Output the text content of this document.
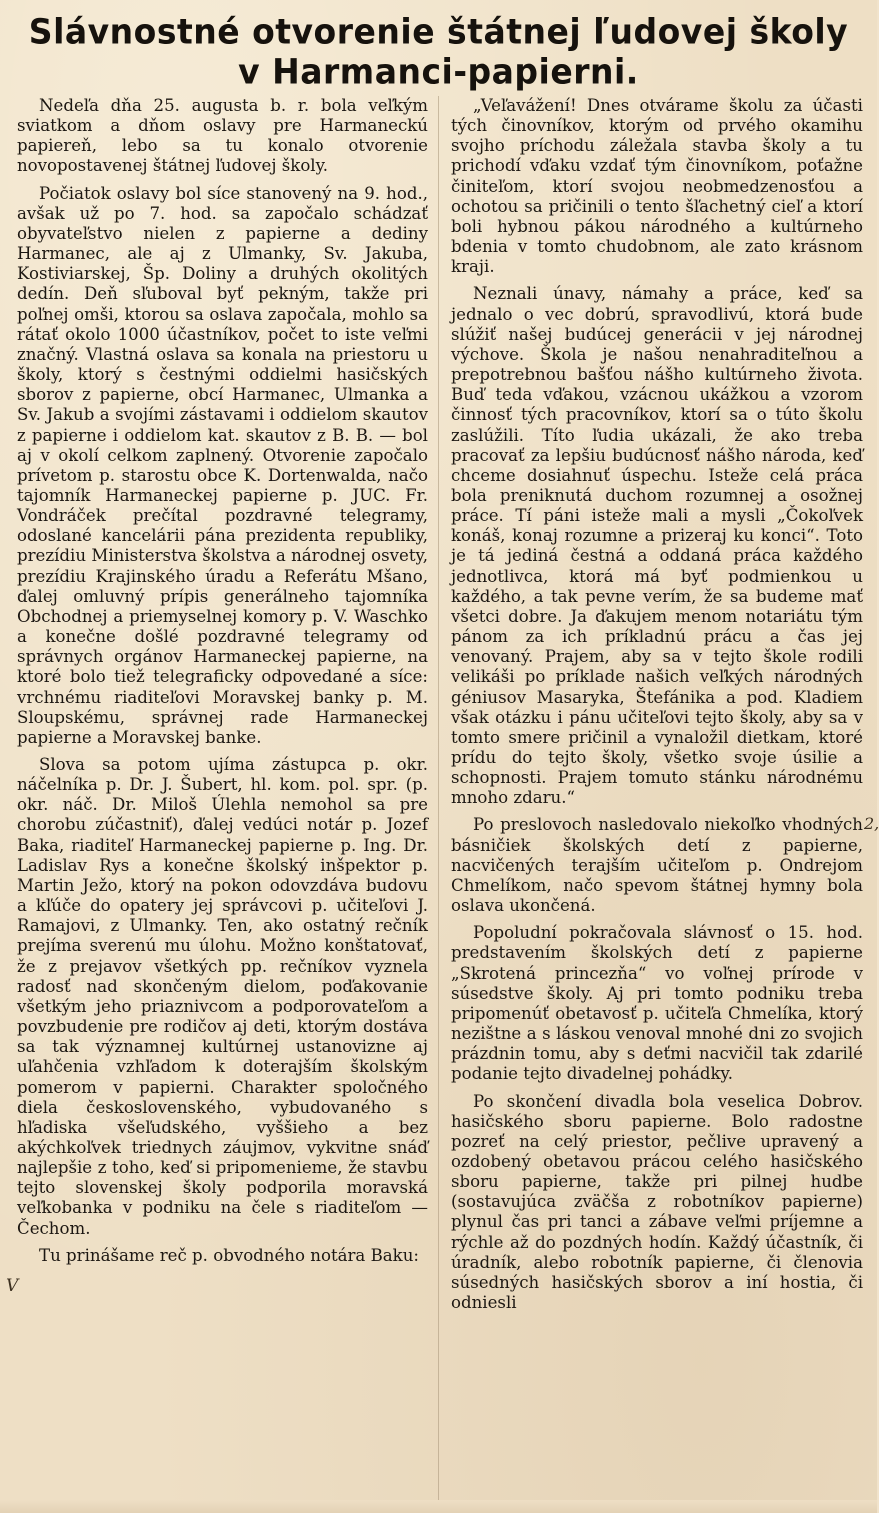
Slávnostné otvorenie štátnej ľudovej školy
v Harmanci-papierni.

Nedeľa dňa 25. augusta b. r. bola veľkým sviatkom a dňom oslavy pre Harmaneckú papiereň, lebo sa tu konalo otvorenie novopostavenej štátnej ľudovej školy.

Počiatok oslavy bol síce stanovený na 9. hod., avšak už po 7. hod. sa započalo schádzať obyvateľstvo nielen z papierne a dediny Harmanec, ale aj z Ulmanky, Sv. Jakuba, Kostiviarskej, Šp. Doliny a druhých okolitých dedín. Deň sľuboval byť pekným, takže pri poľnej omši, ktorou sa oslava započala, mohlo sa rátať okolo 1000 účastníkov, počet to iste veľmi značný. Vlastná oslava sa konala na priestoru u školy, ktorý s čestnými oddielmi hasičských sborov z papierne, obcí Harmanec, Ulmanka a Sv. Jakub a svojími zástavami i oddielom skautov z papierne i oddielom kat. skautov z B. B. — bol aj v okolí celkom zaplnený. Otvorenie započalo prívetom p. starostu obce K. Dortenwalda, načo tajomník Harmaneckej papierne p. JUC. Fr. Vondráček prečítal pozdravné telegramy, odoslané kancelárii pána prezidenta republiky, prezídiu Ministerstva školstva a národnej osvety, prezídiu Krajinského úradu a Referátu Mšano, ďalej omluvný prípis generálneho tajomníka Obchodnej a priemyselnej komory p. V. Waschko a konečne došlé pozdravné telegramy od správnych orgánov Harmaneckej papierne, na ktoré bolo tiež telegraficky odpovedané a síce: vrchnému riaditeľovi Moravskej banky p. M. Sloupskému, správnej rade Harmaneckej papierne a Moravskej banke.

Slova sa potom ujíma zástupca p. okr. náčelníka p. Dr. J. Šubert, hl. kom. pol. spr. (p. okr. náč. Dr. Miloš Úlehla nemohol sa pre chorobu zúčastniť), ďalej vedúci notár p. Jozef Baka, riaditeľ Harmaneckej papierne p. Ing. Dr. Ladislav Rys a konečne školský inšpektor p. Martin Ježo, ktorý na pokon odovzdáva budovu a kľúče do opatery jej správcovi p. učiteľovi J. Ramajovi, z Ulmanky. Ten, ako ostatný rečník prejíma sverenú mu úlohu. Možno konštatovať, že z prejavov všetkých pp. rečníkov vyznela radosť nad skončeným dielom, poďakovanie všetkým jeho priaznivcom a podporovateľom a povzbudenie pre rodičov aj deti, ktorým dostáva sa tak významnej kultúrnej ustanovizne aj uľahčenia vzhľadom k doterajším školským pomerom v papierni. Charakter spoločného diela československého, vybudovaného s hľadiska všeľudského, vyššieho a bez akýchkoľvek triednych záujmov, vykvitne snáď najlepšie z toho, keď si pripomenieme, že stavbu tejto slovenskej školy podporila moravská veľkobanka v podniku na čele s riaditeľom — Čechom.

Tu prinášame reč p. obvodného notára Baku:

„Veľavážení! Dnes otvárame školu za účasti tých činovníkov, ktorým od prvého okamihu svojho príchodu záležala stavba školy a tu prichodí vďaku vzdať tým činovníkom, poťažne činiteľom, ktorí svojou neobmedzenosťou a ochotou sa pričinili o tento šľachetný cieľ a ktorí boli hybnou pákou národného a kultúrneho bdenia v tomto chudobnom, ale zato krásnom kraji.

Neznali únavy, námahy a práce, keď sa jednalo o vec dobrú, spravodlivú, ktorá bude slúžiť našej budúcej generácii v jej národnej výchove. Škola je našou nenahraditeľnou a prepotrebnou bašťou nášho kultúrneho života. Buď teda vďakou, vzácnou ukážkou a vzorom činnosť tých pracovníkov, ktorí sa o túto školu zaslúžili. Títo ľudia ukázali, že ako treba pracovať za lepšiu budúcnosť nášho národa, keď chceme dosiahnuť úspechu. Isteže celá práca bola preniknutá duchom rozumnej a osožnej práce. Tí páni isteže mali a mysli „Čokoľvek konáš, konaj rozumne a prizeraj ku konci“. Toto je tá jediná čestná a oddaná práca každého jednotlivca, ktorá má byť podmienkou u každého, a tak pevne verím, že sa budeme mať všetci dobre. Ja ďakujem menom notariátu tým pánom za ich príkladnú prácu a čas jej venovaný. Prajem, aby sa v tejto škole rodili velikáši po príklade našich veľkých národných géniusov Masaryka, Štefánika a pod. Kladiem však otázku i pánu učiteľovi tejto školy, aby sa v tomto smere pričinil a vynaložil dietkam, ktoré prídu do tejto školy, všetko svoje úsilie a schopnosti. Prajem tomuto stánku národnému mnoho zdaru.“

Po preslovoch nasledovalo niekoľko vhodných básničiek školských detí z papierne, nacvičených terajším učiteľom p. Ondrejom Chmelíkom, načo spevom štátnej hymny bola oslava ukončená.

Popoludní pokračovala slávnosť o 15. hod. predstavením školských detí z papierne „Skrotená princezňa“ vo voľnej prírode v súsedstve školy. Aj pri tomto podniku treba pripomenúť obetavosť p. učiteľa Chmelíka, ktorý nezištne a s láskou venoval mnohé dni zo svojich prázdnin tomu, aby s deťmi nacvičil tak zdarilé podanie tejto divadelnej pohádky.

Po skončení divadla bola veselica Dobrov. hasičského sboru papierne. Bolo radostne pozreť na celý priestor, pečlive upravený a ozdobený obetavou prácou celého hasičského sboru papierne, takže pri pilnej hudbe (sostavujúca zväčša z robotníkov papierne) plynul čas pri tanci a zábave veľmi príjemne a rýchle až do pozdných hodín. Každý účastník, či úradník, alebo robotník papierne, či členovia súsedných hasičských sborov a iní hostia, či odniesli

V
2,
